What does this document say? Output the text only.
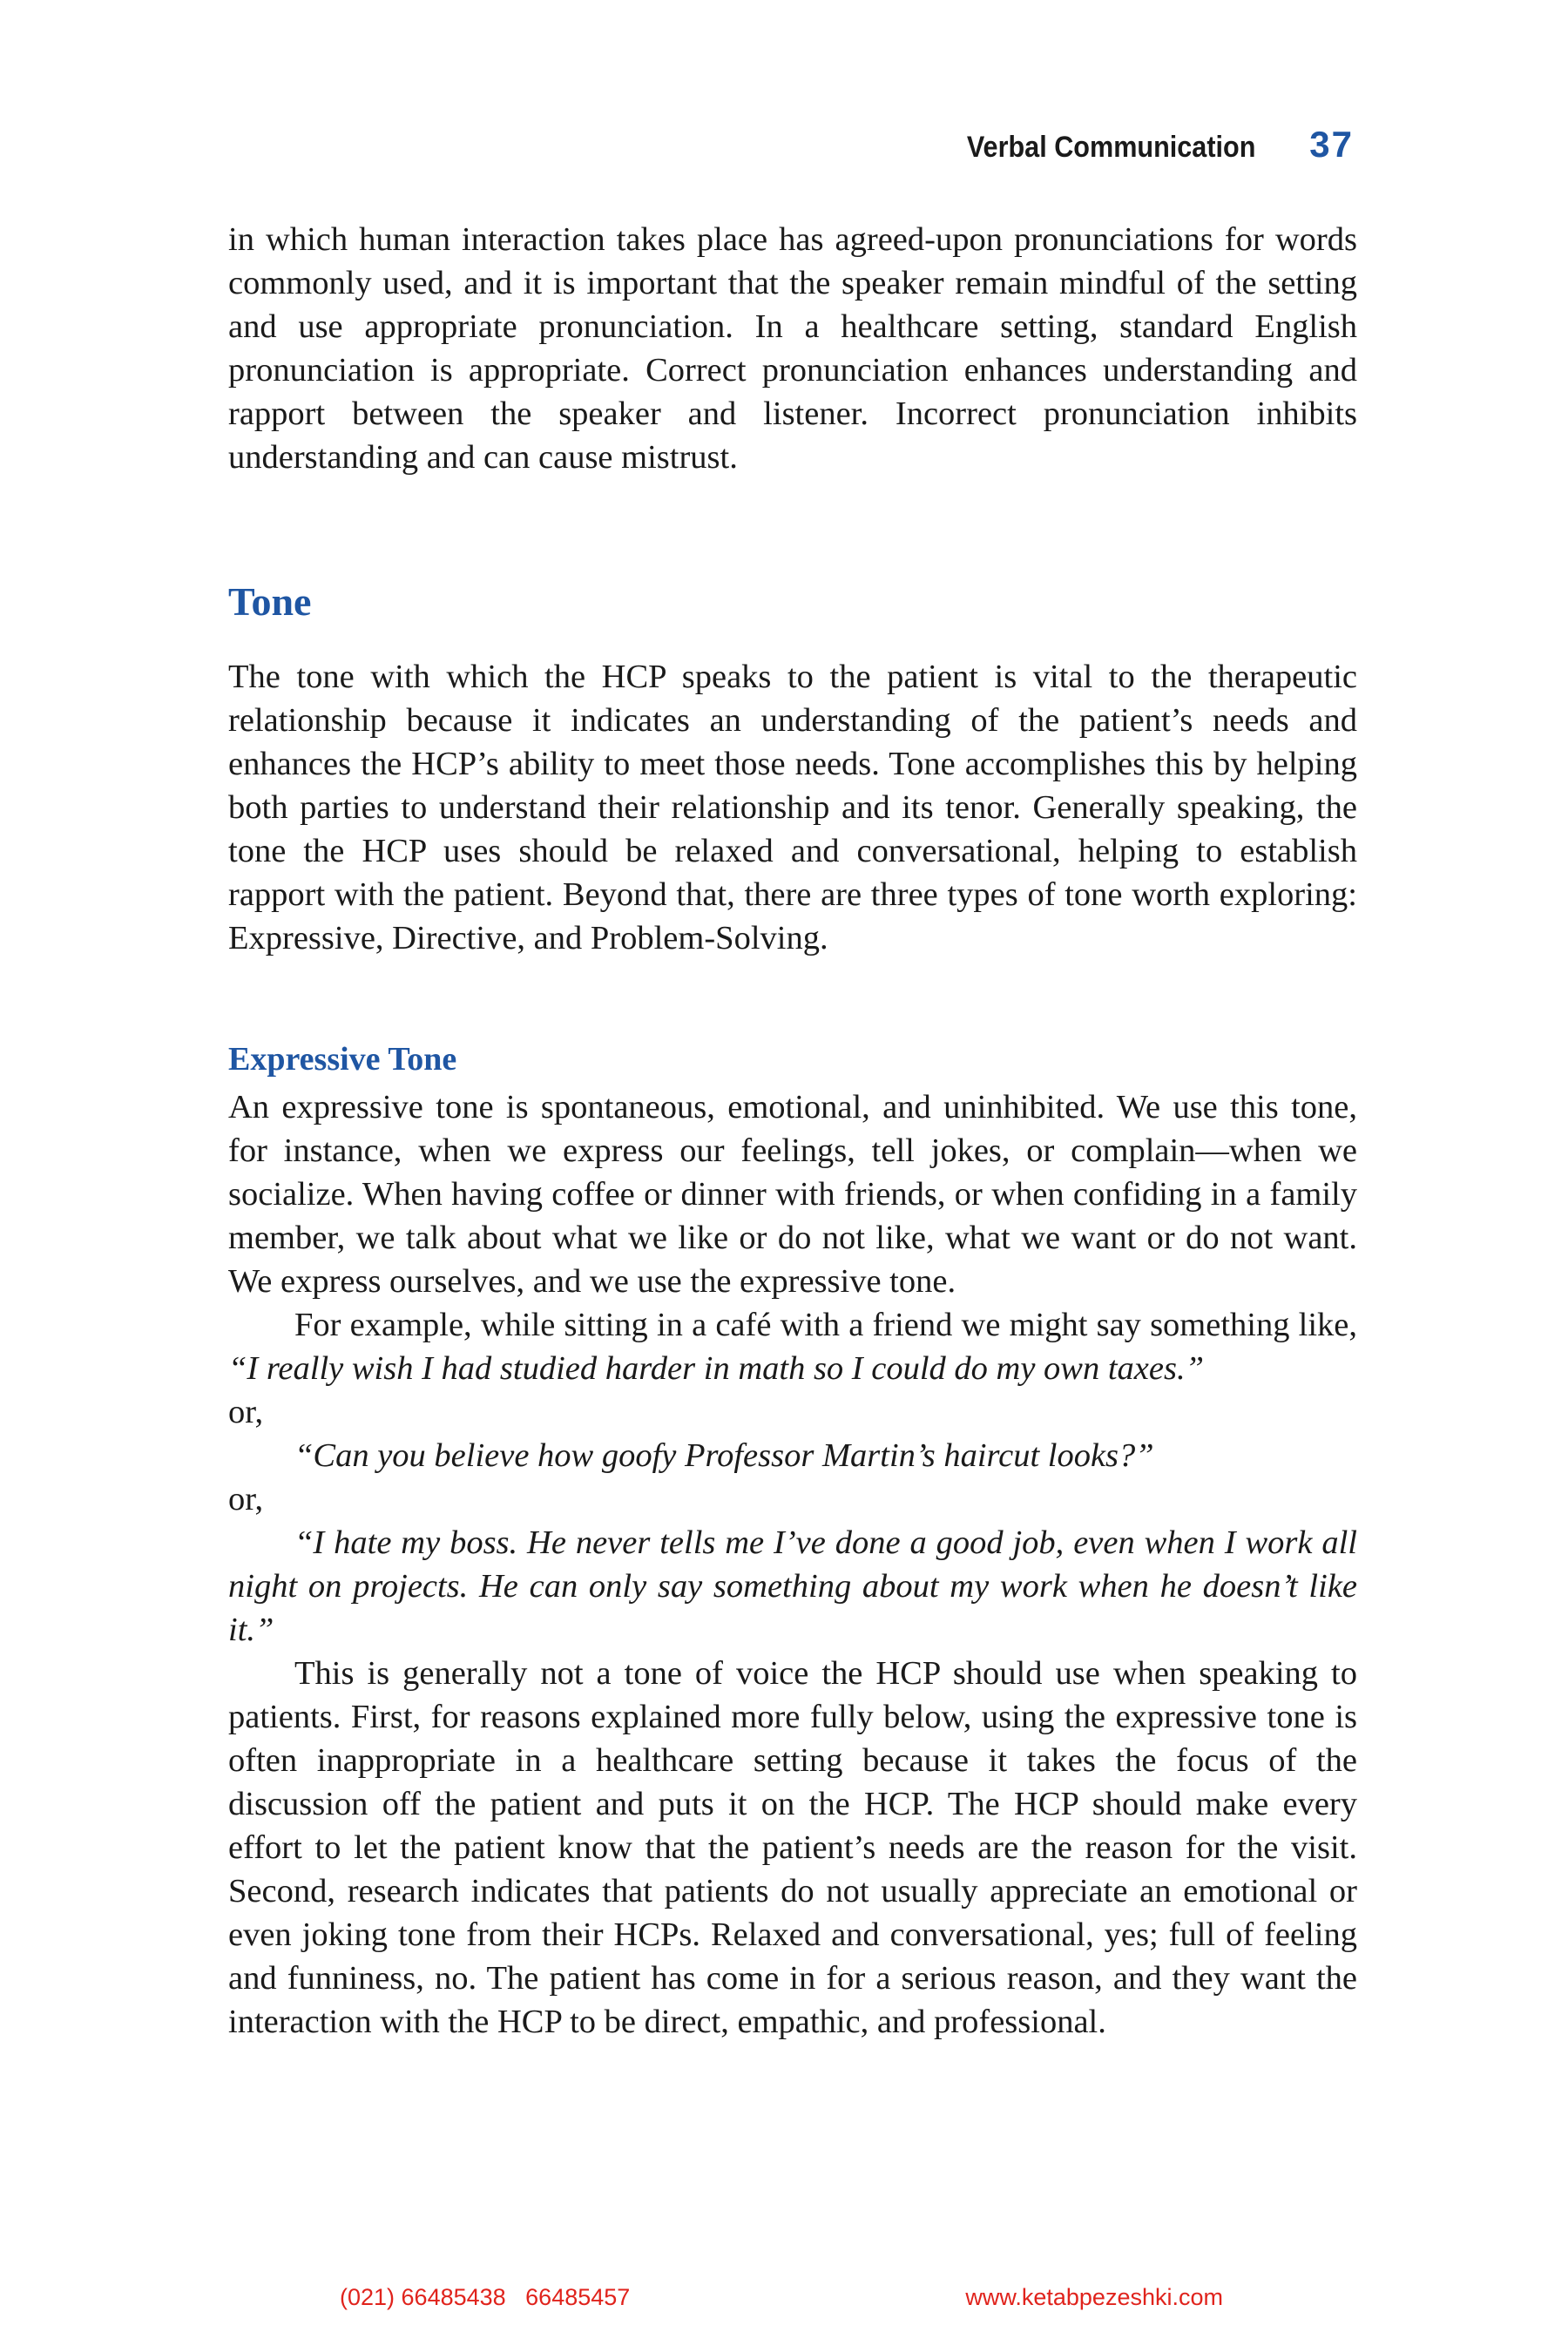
Verbal Communication 37

in which human interaction takes place has agreed-upon pronunciations for words commonly used, and it is important that the speaker remain mindful of the setting and use appropriate pronunciation. In a healthcare setting, standard English pronunciation is appropriate. Correct pronunciation enhances understanding and rapport between the speaker and listener. Incorrect pronunciation inhibits understanding and can cause mistrust.

Tone

The tone with which the HCP speaks to the patient is vital to the therapeutic relationship because it indicates an understanding of the patient’s needs and enhances the HCP’s ability to meet those needs. Tone accomplishes this by helping both parties to understand their relationship and its tenor. Generally speaking, the tone the HCP uses should be relaxed and conversational, helping to establish rapport with the patient. Beyond that, there are three types of tone worth exploring: Expressive, Directive, and Problem-Solving.

Expressive Tone

An expressive tone is spontaneous, emotional, and uninhibited. We use this tone, for instance, when we express our feelings, tell jokes, or complain—when we socialize. When having coffee or dinner with friends, or when confiding in a family member, we talk about what we like or do not like, what we want or do not want. We express ourselves, and we use the expressive tone.

For example, while sitting in a café with a friend we might say something like, “I really wish I had studied harder in math so I could do my own taxes.”

or,

“Can you believe how goofy Professor Martin’s haircut looks?”

or,

“I hate my boss. He never tells me I’ve done a good job, even when I work all night on projects. He can only say something about my work when he doesn’t like it.”

This is generally not a tone of voice the HCP should use when speaking to patients. First, for reasons explained more fully below, using the expressive tone is often inappropriate in a healthcare setting because it takes the focus of the discussion off the patient and puts it on the HCP. The HCP should make every effort to let the patient know that the patient’s needs are the reason for the visit. Second, research indicates that patients do not usually appreciate an emotional or even joking tone from their HCPs. Relaxed and conversational, yes; full of feeling and funniness, no. The patient has come in for a serious reason, and they want the interaction with the HCP to be direct, empathic, and professional.

(021) 66485438   66485457	www.ketabpezeshki.com
